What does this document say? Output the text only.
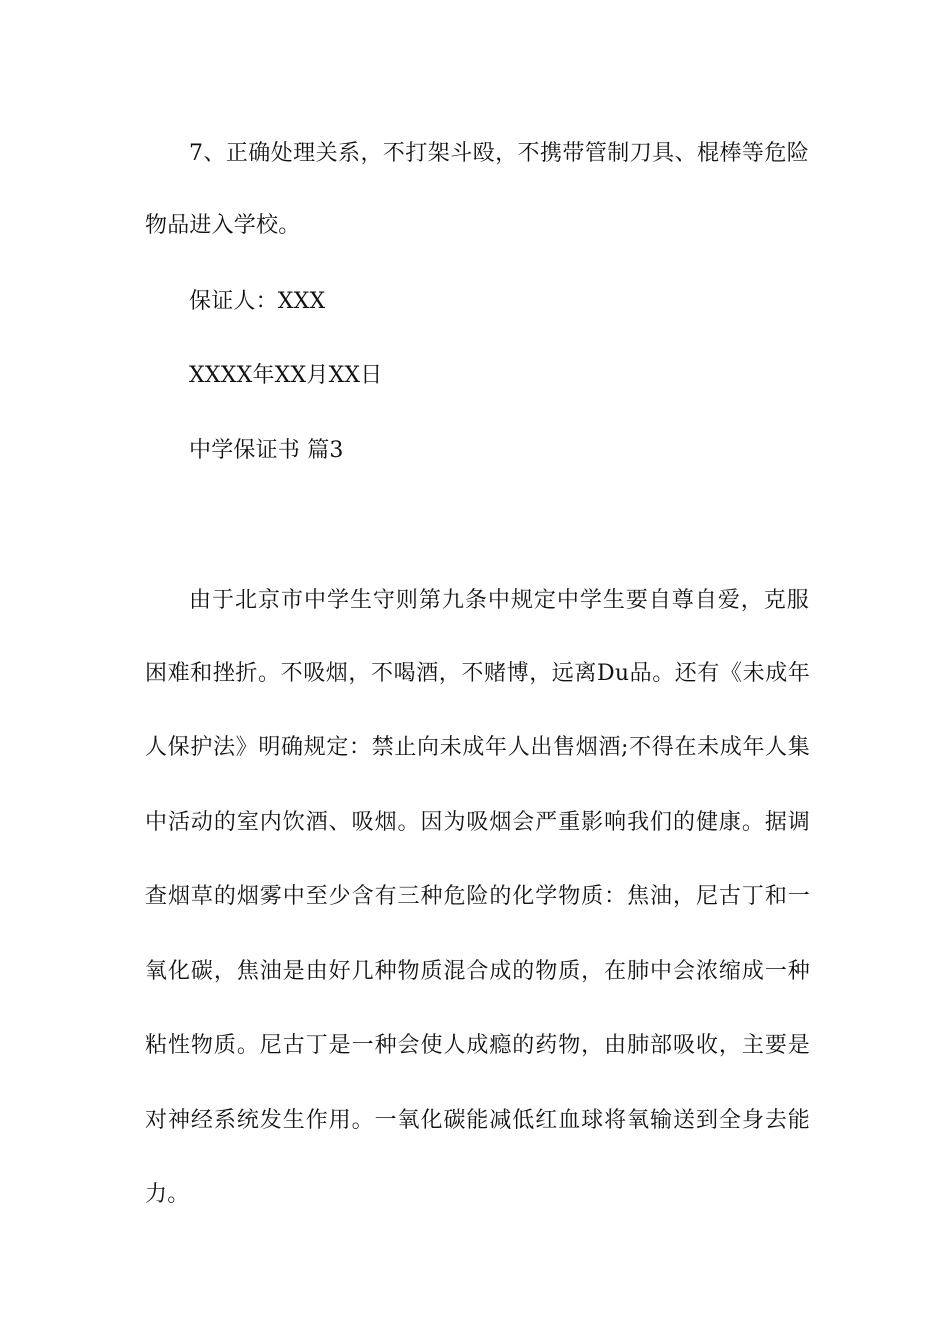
7、正确处理关系，不打架斗殴，不携带管制刀具、棍棒等危险
物品进入学校。
保证人：XXX
XXXX年XX月XX日
中学保证书 篇3
由于北京市中学生守则第九条中规定中学生要自尊自爱，克服
困难和挫折。不吸烟，不喝酒，不赌博，远离Du品。还有《未成年
人保护法》明确规定：禁止向未成年人出售烟酒;不得在未成年人集
中活动的室内饮酒、吸烟。因为吸烟会严重影响我们的健康。据调
查烟草的烟雾中至少含有三种危险的化学物质：焦油，尼古丁和一
氧化碳，焦油是由好几种物质混合成的物质，在肺中会浓缩成一种
粘性物质。尼古丁是一种会使人成瘾的药物，由肺部吸收，主要是
对神经系统发生作用。一氧化碳能减低红血球将氧输送到全身去能
力。
